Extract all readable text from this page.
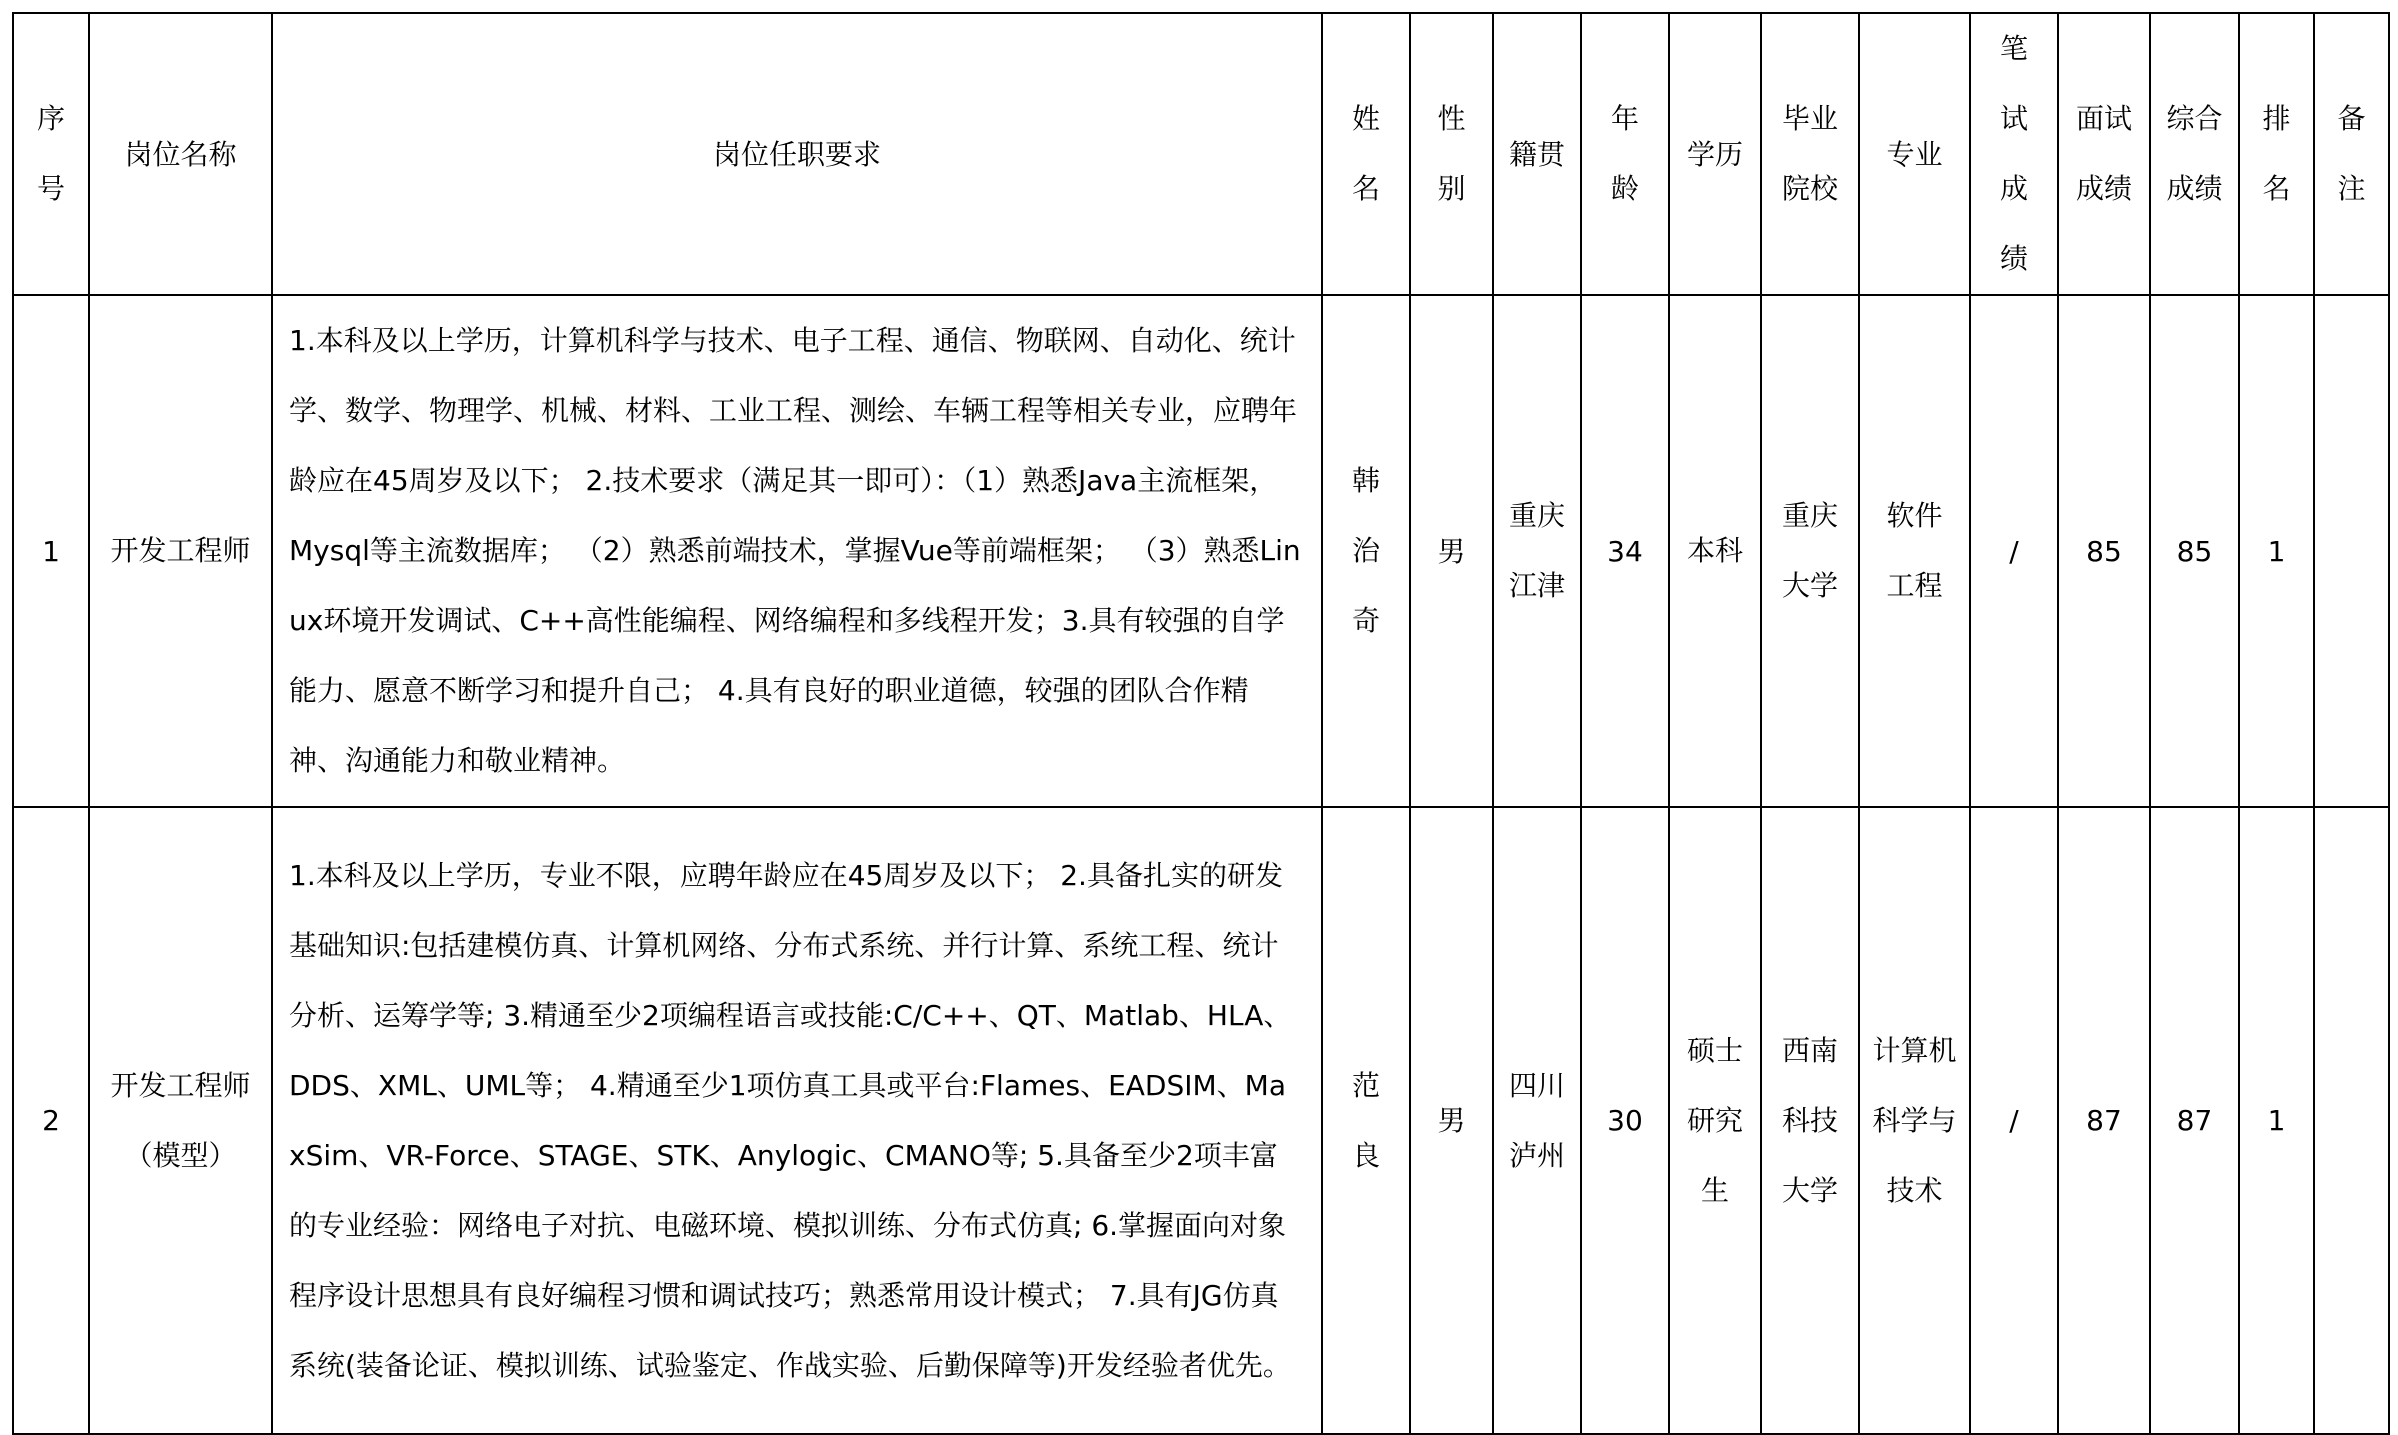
序号	岗位名称	岗位任职要求	姓名	性别	籍贯	年龄	学历	毕业院校	专业	笔试成绩	面试成绩	综合成绩	排名	备注
1	开发工程师	1.本科及以上学历，计算机科学与技术、电子工程、通信、物联网、自动化、统计学、数学、物理学、机械、材料、工业工程、测绘、车辆工程等相关专业，应聘年龄应在45周岁及以下； 2.技术要求（满足其一即可）：（1）熟悉Java主流框架，Mysql等主流数据库； （2）熟悉前端技术，掌握Vue等前端框架； （3）熟悉Linux环境开发调试、C++高性能编程、网络编程和多线程开发；3.具有较强的自学能力、愿意不断学习和提升自己； 4.具有良好的职业道德，较强的团队合作精神、沟通能力和敬业精神。	韩治奇	男	重庆江津	34	本科	重庆大学	软件工程	/	85	85	1	
2	开发工程师（模型）	1.本科及以上学历，专业不限，应聘年龄应在45周岁及以下； 2.具备扎实的研发基础知识:包括建模仿真、计算机网络、分布式系统、并行计算、系统工程、统计分析、运筹学等; 3.精通至少2项编程语言或技能:C/C++、QT、Matlab、HLA、DDS、XML、UML等； 4.精通至少1项仿真工具或平台:Flames、EADSIM、MaxSim、VR-Force、STAGE、STK、Anylogic、CMANO等; 5.具备至少2项丰富的专业经验：网络电子对抗、电磁环境、模拟训练、分布式仿真; 6.掌握面向对象程序设计思想具有良好编程习惯和调试技巧；熟悉常用设计模式； 7.具有JG仿真系统(装备论证、模拟训练、试验鉴定、作战实验、后勤保障等)开发经验者优先。	范良	男	四川泸州	30	硕士研究生	西南科技大学	计算机科学与技术	/	87	87	1	
